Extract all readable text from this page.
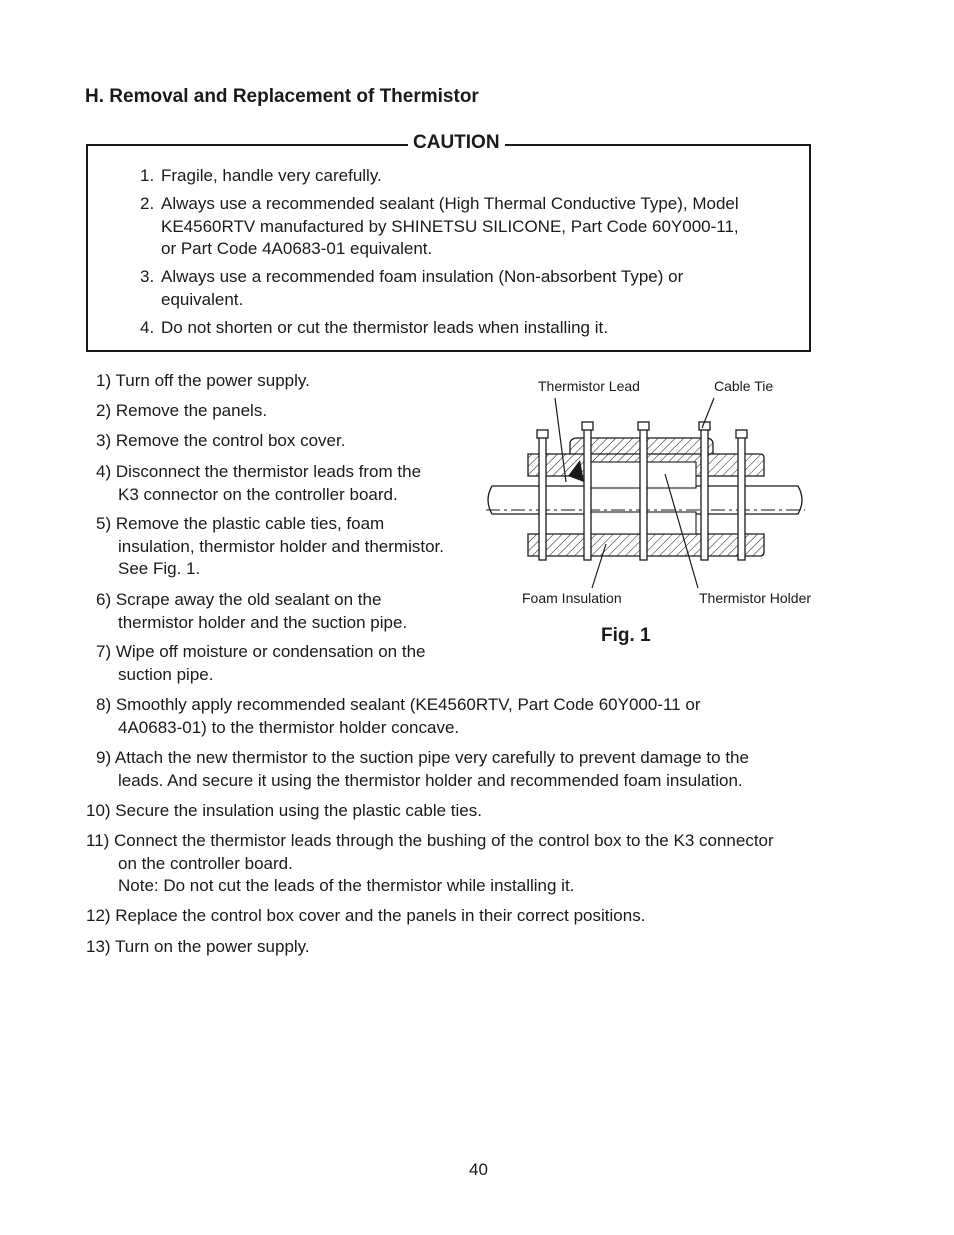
H. Removal and Replacement of Thermistor
CAUTION
1. Fragile, handle very carefully.
2. Always use a recommended sealant (High Thermal Conductive Type), Model
KE4560RTV manufactured by SHINETSU SILICONE, Part Code 60Y000-11,
or Part Code 4A0683-01 equivalent.
3. Always use a recommended foam insulation (Non-absorbent Type) or
equivalent.
4. Do not shorten or cut the thermistor leads when installing it.
1) Turn off the power supply.
2) Remove the panels.
3) Remove the control box cover.
4) Disconnect the thermistor leads from the
K3 connector on the controller board.
5) Remove the plastic cable ties, foam
insulation, thermistor holder and thermistor.
See Fig. 1.
6) Scrape away the old sealant on the
thermistor holder and the suction pipe.
7) Wipe off moisture or condensation on the
suction pipe.
8) Smoothly apply recommended sealant (KE4560RTV, Part Code 60Y000-11 or
4A0683-01) to the thermistor holder concave.
9) Attach the new thermistor to the suction pipe very carefully to prevent damage to the
leads. And secure it using the thermistor holder and recommended foam insulation.
10) Secure the insulation using the plastic cable ties.
11) Connect the thermistor leads through the bushing of the control box to the K3 connector
on the controller board.
Note: Do not cut the leads of the thermistor while installing it.
12) Replace the control box cover and the panels in their correct positions.
13) Turn on the power supply.
Thermistor Lead	Cable Tie
Foam Insulation	Thermistor Holder
Fig. 1
40
